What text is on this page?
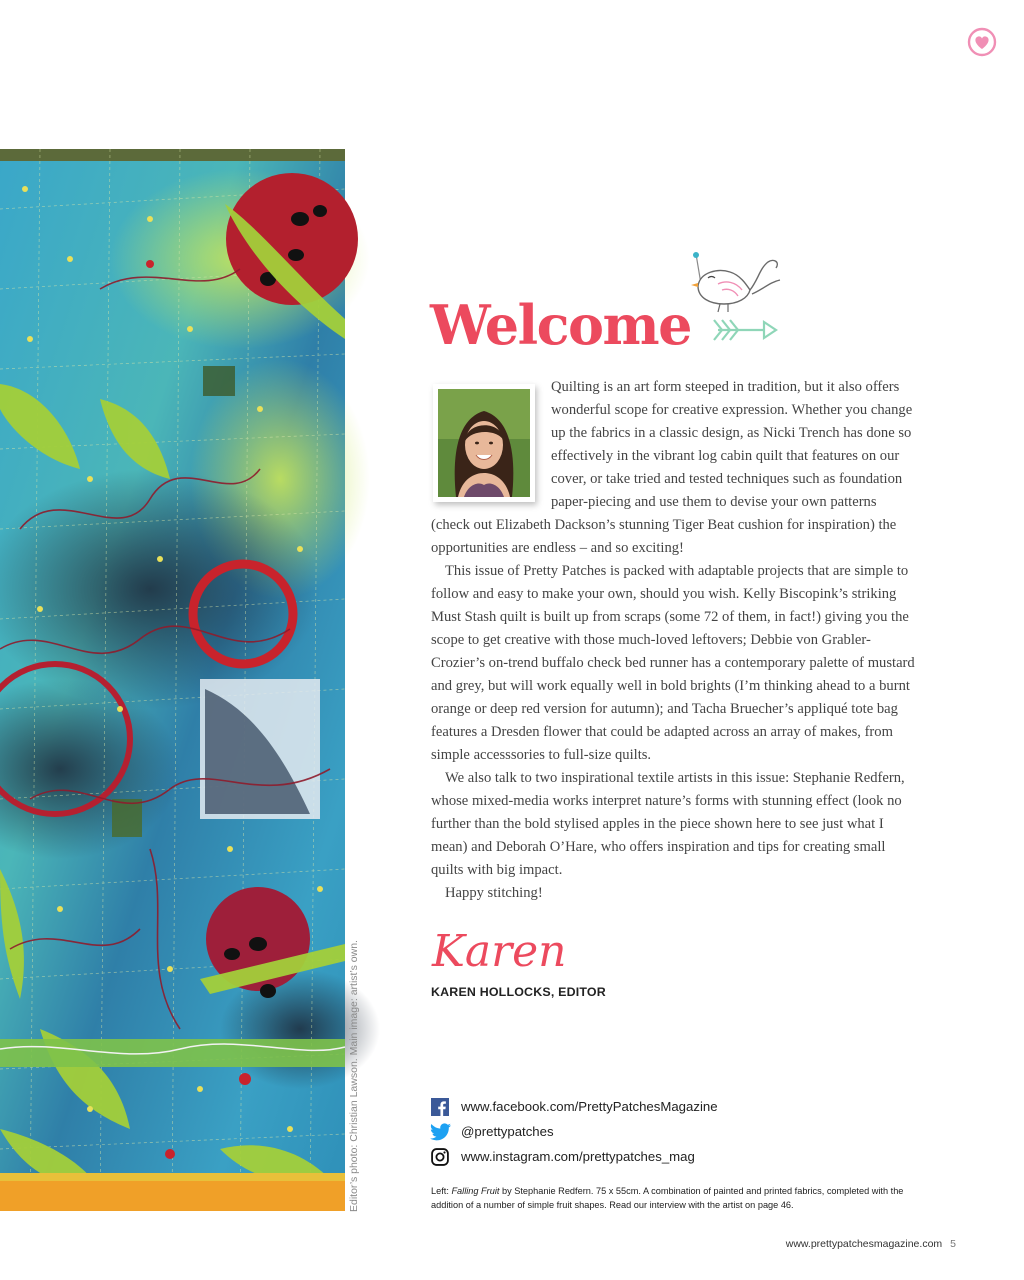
Editor’s photo: Christian Lawson. Main image: artist’s own.
Welcome

Quilting is an art form steeped in tradition, but it also offers wonderful scope for creative expression. Whether you change up the fabrics in a classic design, as Nicki Trench has done so effectively in the vibrant log cabin quilt that features on our cover, or take tried and tested techniques such as foundation paper-piecing and use them to devise your own patterns (check out Elizabeth Dackson’s stunning Tiger Beat cushion for inspiration) the opportunities are endless – and so exciting!

This issue of Pretty Patches is packed with adaptable projects that are simple to follow and easy to make your own, should you wish. Kelly Biscopink’s striking Must Stash quilt is built up from scraps (some 72 of them, in fact!) giving you the scope to get creative with those much-loved leftovers; Debbie von Grabler-Crozier’s on-trend buffalo check bed runner has a contemporary palette of mustard and grey, but will work equally well in bold brights (I’m thinking ahead to a burnt orange or deep red version for autumn); and Tacha Bruecher’s appliqué tote bag features a Dresden flower that could be adapted across an array of makes, from simple accesssories to full-size quilts.

We also talk to two inspirational textile artists in this issue: Stephanie Redfern, whose mixed-media works interpret nature’s forms with stunning effect (look no further than the bold stylised apples in the piece shown here to see just what I mean) and Deborah O’Hare, who offers inspiration and tips for creating small quilts with big impact.

Happy stitching!

Karen
KAREN HOLLOCKS, EDITOR
www.facebook.com/PrettyPatchesMagazine
@prettypatches
www.instagram.com/prettypatches_mag
Left: Falling Fruit by Stephanie Redfern. 75 x 55cm. A combination of painted and printed fabrics, completed with the addition of a number of simple fruit shapes. Read our interview with the artist on page 46.
www.prettypatchesmagazine.com 5
